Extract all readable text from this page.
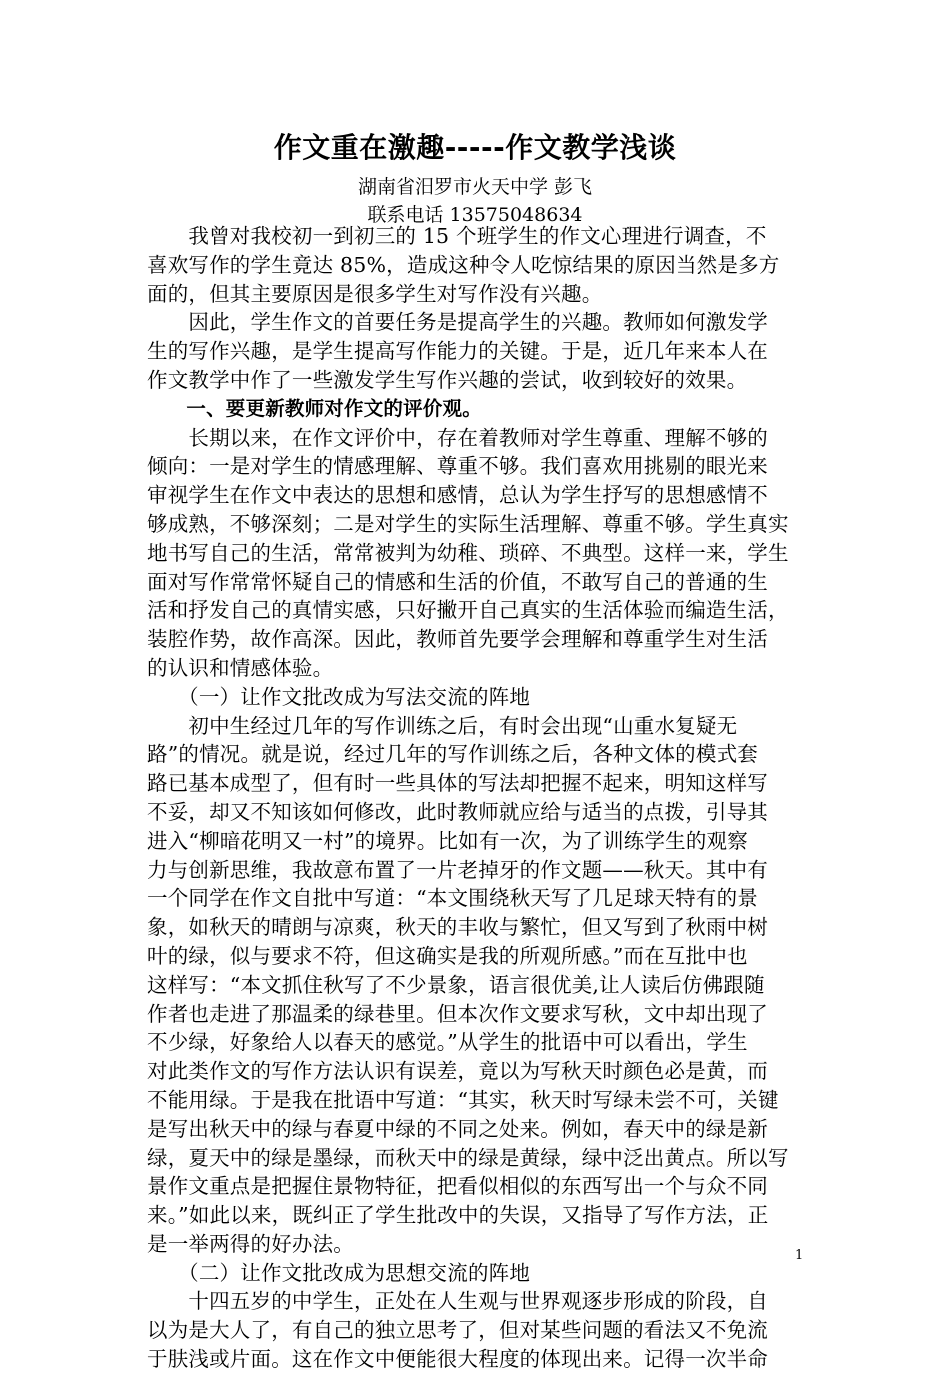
作文重在激趣-----作文教学浅谈
湖南省汨罗市火天中学 彭飞
联系电话 13575048634
　　我曾对我校初一到初三的 15 个班学生的作文心理进行调查，不
喜欢写作的学生竟达 85%，造成这种令人吃惊结果的原因当然是多方
面的，但其主要原因是很多学生对写作没有兴趣。
　　因此，学生作文的首要任务是提高学生的兴趣。教师如何激发学
生的写作兴趣，是学生提高写作能力的关键。于是，近几年来本人在
作文教学中作了一些激发学生写作兴趣的尝试，收到较好的效果。
　　一、要更新教师对作文的评价观。
　　长期以来，在作文评价中，存在着教师对学生尊重、理解不够的
倾向：一是对学生的情感理解、尊重不够。我们喜欢用挑剔的眼光来
审视学生在作文中表达的思想和感情，总认为学生抒写的思想感情不
够成熟，不够深刻；二是对学生的实际生活理解、尊重不够。学生真实
地书写自己的生活，常常被判为幼稚、琐碎、不典型。这样一来，学生
面对写作常常怀疑自己的情感和生活的价值，不敢写自己的普通的生
活和抒发自己的真情实感，只好撇开自己真实的生活体验而编造生活，
装腔作势，故作高深。因此，教师首先要学会理解和尊重学生对生活
的认识和情感体验。
　　（一）让作文批改成为写法交流的阵地
　　初中生经过几年的写作训练之后，有时会出现“山重水复疑无
路”的情况。就是说，经过几年的写作训练之后，各种文体的模式套
路已基本成型了，但有时一些具体的写法却把握不起来，明知这样写
不妥，却又不知该如何修改，此时教师就应给与适当的点拨，引导其
进入“柳暗花明又一村”的境界。比如有一次，为了训练学生的观察
力与创新思维，我故意布置了一片老掉牙的作文题——秋天。其中有
一个同学在作文自批中写道：“本文围绕秋天写了几足球天特有的景
象，如秋天的晴朗与凉爽，秋天的丰收与繁忙，但又写到了秋雨中树
叶的绿，似与要求不符，但这确实是我的所观所感。”而在互批中也
这样写：“本文抓住秋写了不少景象，语言很优美,让人读后仿佛跟随
作者也走进了那温柔的绿巷里。但本次作文要求写秋，文中却出现了
不少绿，好象给人以春天的感觉。”从学生的批语中可以看出，学生
对此类作文的写作方法认识有误差，竟以为写秋天时颜色必是黄，而
不能用绿。于是我在批语中写道：“其实，秋天时写绿未尝不可，关键
是写出秋天中的绿与春夏中绿的不同之处来。例如，春天中的绿是新
绿，夏天中的绿是墨绿，而秋天中的绿是黄绿，绿中泛出黄点。所以写
景作文重点是把握住景物特征，把看似相似的东西写出一个与众不同
来。”如此以来，既纠正了学生批改中的失误，又指导了写作方法，正
是一举两得的好办法。
　　（二）让作文批改成为思想交流的阵地
　　十四五岁的中学生，正处在人生观与世界观逐步形成的阶段，自
以为是大人了，有自己的独立思考了，但对某些问题的看法又不免流
于肤浅或片面。这在作文中便能很大程度的体现出来。记得一次半命
1
